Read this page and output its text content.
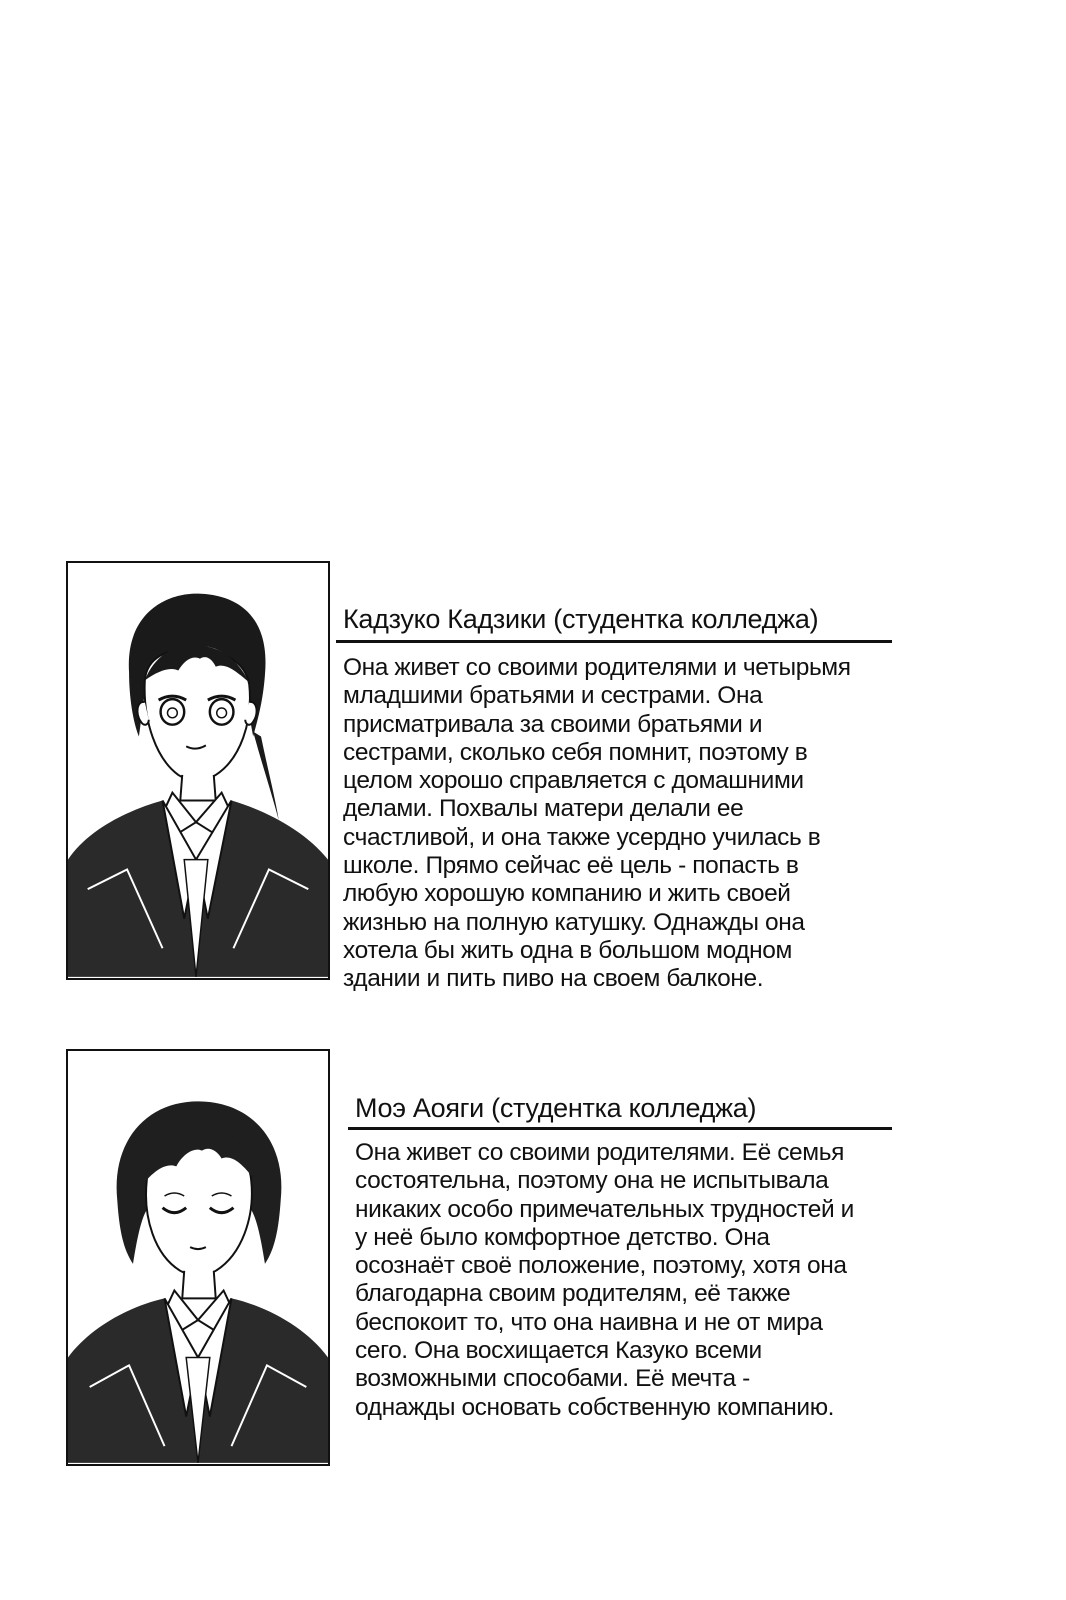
Кадзуко Кадзики (студентка колледжа)
Она живет со своими родителями и четырьмя
младшими братьями и сестрами. Она
присматривала за своими братьями и
сестрами, сколько себя помнит, поэтому в
целом хорошо справляется с домашними
делами. Похвалы матери делали ее
счастливой, и она также усердно училась в
школе. Прямо сейчас её цель - попасть в
любую хорошую компанию и жить своей
жизнью на полную катушку. Однажды она
хотела бы жить одна в большом модном
здании и пить пиво на своем балконе.
Моэ Аояги (студентка колледжа)
Она живет со своими родителями. Её семья
состоятельна, поэтому она не испытывала
никаких особо примечательных трудностей и
у неё было комфортное детство. Она
осознаёт своё положение, поэтому, хотя она
благодарна своим родителям, её также
беспокоит то, что она наивна и не от мира
сего. Она восхищается Казуко всеми
возможными способами. Её мечта -
однажды основать собственную компанию.
